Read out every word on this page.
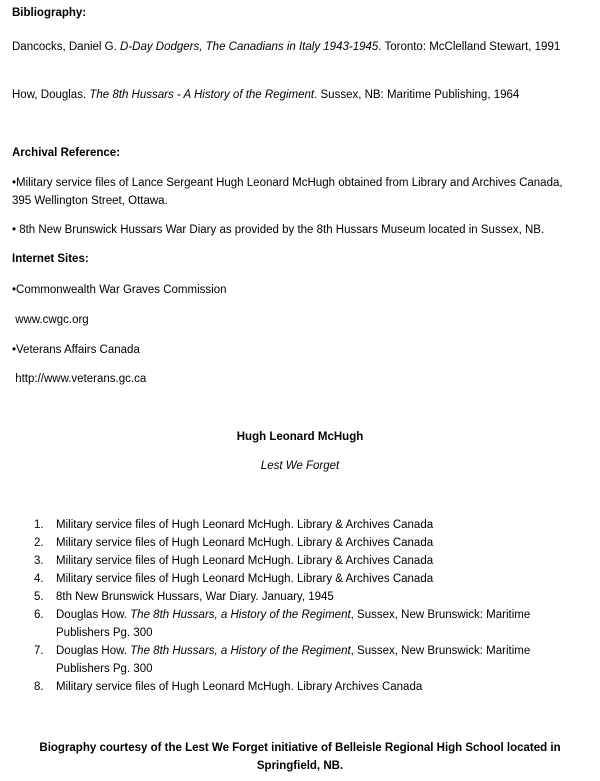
Bibliography:

Dancocks, Daniel G. D-Day Dodgers, The Canadians in Italy 1943-1945. Toronto: McClelland Stewart, 1991

How, Douglas. The 8th Hussars - A History of the Regiment. Sussex, NB: Maritime Publishing, 1964

Archival Reference:

•Military service files of Lance Sergeant Hugh Leonard McHugh obtained from Library and Archives Canada, 395 Wellington Street, Ottawa.

• 8th New Brunswick Hussars War Diary as provided by the 8th Hussars Museum located in Sussex, NB.

Internet Sites:

•Commonwealth War Graves Commission

www.cwgc.org

•Veterans Affairs Canada

http://www.veterans.gc.ca

Hugh Leonard McHugh

Lest We Forget

1. Military service files of Hugh Leonard McHugh. Library & Archives Canada
2. Military service files of Hugh Leonard McHugh. Library & Archives Canada
3. Military service files of Hugh Leonard McHugh. Library & Archives Canada
4. Military service files of Hugh Leonard McHugh. Library & Archives Canada
5. 8th New Brunswick Hussars, War Diary. January, 1945
6. Douglas How. The 8th Hussars, a History of the Regiment, Sussex, New Brunswick: Maritime Publishers Pg. 300
7. Douglas How. The 8th Hussars, a History of the Regiment, Sussex, New Brunswick: Maritime Publishers Pg. 300
8. Military service files of Hugh Leonard McHugh. Library Archives Canada

Biography courtesy of the Lest We Forget initiative of Belleisle Regional High School located in Springfield, NB.
